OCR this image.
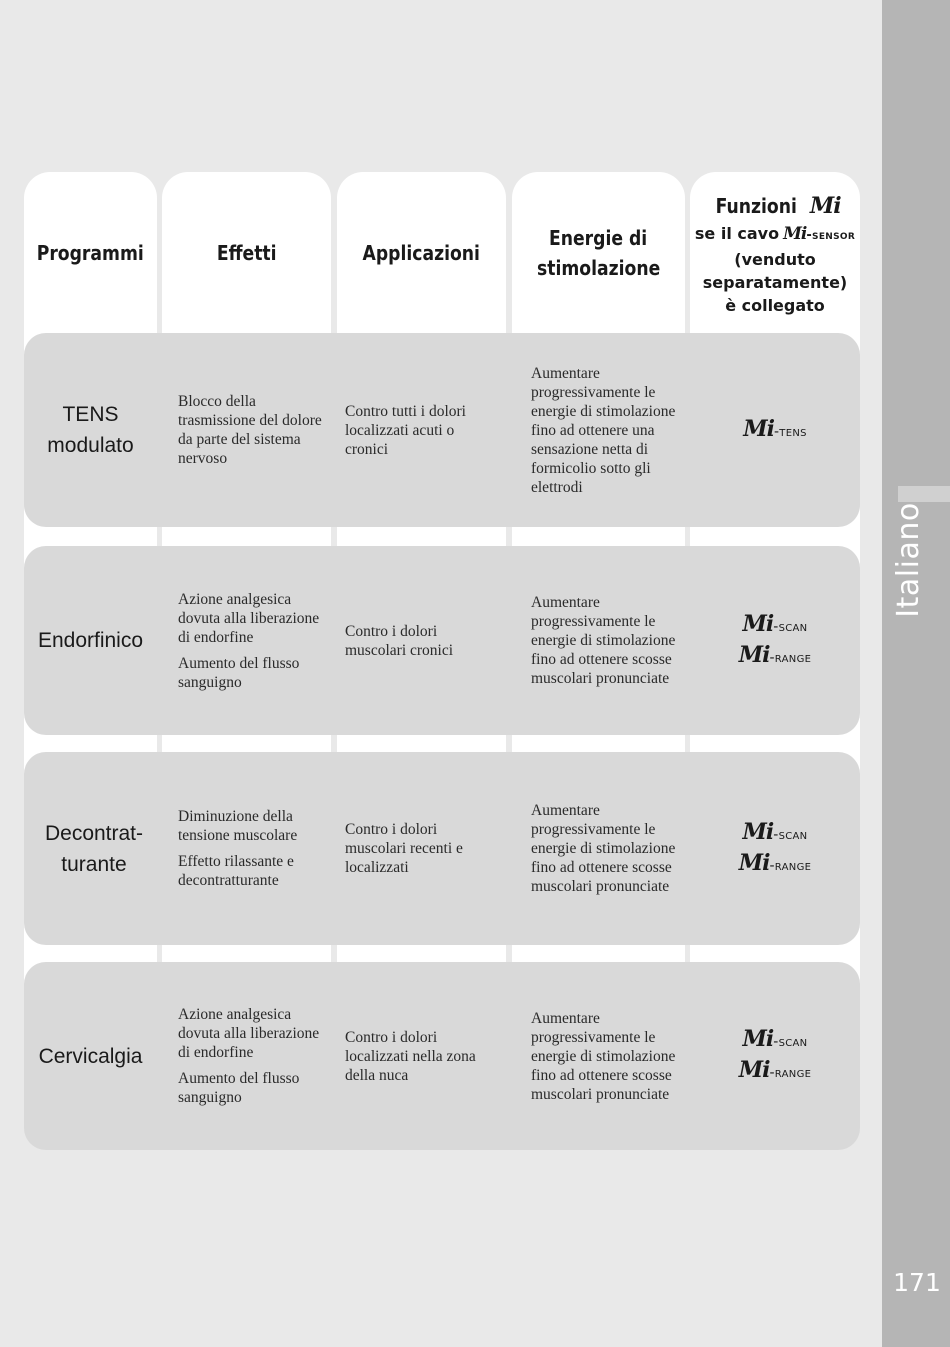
Italiano
171
Programmi	Effetti	Applicazioni
Energie di
stimolazione
Funzioni Mi
se il cavo Mi -sensor
(venduto
separatamente)
è collegato
TENS
modulato
Blocco della trasmissione del dolore da parte del sistema nervoso
Contro tutti i dolori localizzati acuti o cronici
Aumentare progressivamente le energie di stimolazione fino ad ottenere una sensazione netta di formicolio sotto gli elettrodi
Mi -tens
Endorfinico
Azione analgesica dovuta alla liberazione di endorfine
Aumento del flusso sanguigno
Contro i dolori muscolari cronici
Aumentare progressivamente le energie di stimolazione fino ad ottenere scosse muscolari pronunciate
Mi -scan
Mi -range
Decontrat-
turante
Diminuzione della tensione muscolare
Effetto rilassante e decontratturante
Contro i dolori muscolari recenti e localizzati
Aumentare progressivamente le energie di stimolazione fino ad ottenere scosse muscolari pronunciate
Mi -scan
Mi -range
Cervicalgia
Azione analgesica dovuta alla liberazione di endorfine
Aumento del flusso sanguigno
Contro i dolori localizzati nella zona della nuca
Aumentare progressivamente le energie di stimolazione fino ad ottenere scosse muscolari pronunciate
Mi -scan
Mi -range
